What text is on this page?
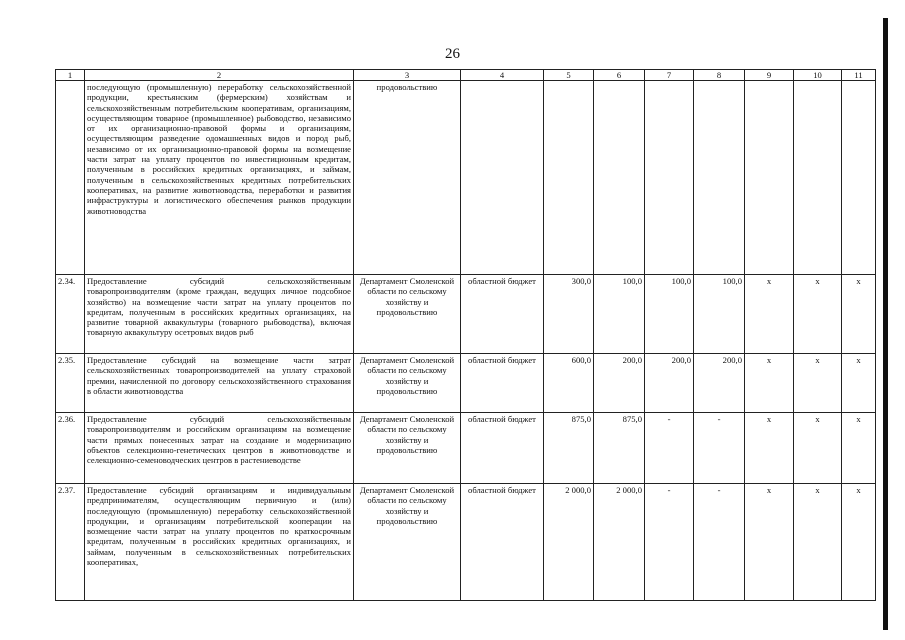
26
1	2	3	4	5	6	7	8	9	10	11
	последующую (промышленную) переработку сельскохозяйственной продукции, крестьянским (фермерским) хозяйствам и сельскохозяйственным потребительским кооперативам, организациям, осуществляющим товарное (промышленное) рыбоводство, независимо от их организационно-правовой формы и организациям, осуществляющим разведение одомашненных видов и пород рыб, независимо от их организационно-правовой формы на возмещение части затрат на уплату процентов по инвестиционным кредитам, полученным в российских кредитных организациях, и займам, полученным в сельскохозяйственных кредитных потребительских кооперативах, на развитие животноводства, переработки и развития инфраструктуры и логистического обеспечения рынков продукции животноводства	продовольствию								
2.34.	Предоставление субсидий сельскохозяйственным товаропроизводителям (кроме граждан, ведущих личное подсобное хозяйство) на возмещение части затрат на уплату процентов по кредитам, полученным в российских кредитных организациях, на развитие товарной аквакультуры (товарного рыбоводства), включая товарную аквакультуру осетровых видов рыб	Департамент Смоленской области по сельскому хозяйству и продовольствию	областной бюджет	300,0	100,0	100,0	100,0	х	х	х
2.35.	Предоставление субсидий на возмещение части затрат сельскохозяйственных товаропроизводителей на уплату страховой премии, начисленной по договору сельскохозяйственного страхования в области животноводства	Департамент Смоленской области по сельскому хозяйству и продовольствию	областной бюджет	600,0	200,0	200,0	200,0	х	х	х
2.36.	Предоставление субсидий сельскохозяйственным товаропроизводителям и российским организациям на возмещение части прямых понесенных затрат на создание и модернизацию объектов селекционно-генетических центров в животноводстве и селекционно-семеноводческих центров в растениеводстве	Департамент Смоленской области по сельскому хозяйству и продовольствию	областной бюджет	875,0	875,0	-	-	х	х	х
2.37.	Предоставление субсидий организациям и индивидуальным предпринимателям, осуществляющим первичную и (или) последующую (промышленную) переработку сельскохозяйственной продукции, и организациям потребительской кооперации на возмещение части затрат на уплату процентов по краткосрочным кредитам, полученным в российских кредитных организациях, и займам, полученным в сельскохозяйственных потребительских кооперативах,	Департамент Смоленской области по сельскому хозяйству и продовольствию	областной бюджет	2 000,0	2 000,0	-	-	х	х	х
